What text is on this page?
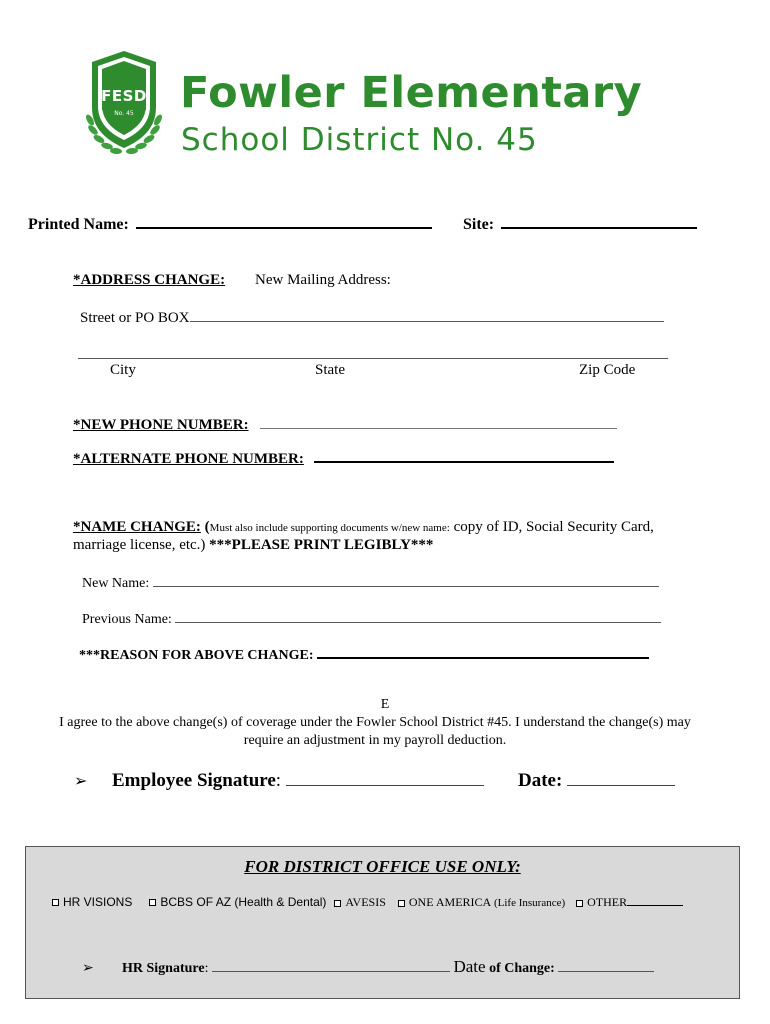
FESD
No. 45	Fowler Elementary
School District No. 45
Printed Name:	Site:
*ADDRESS CHANGE: New Mailing Address:
Street or PO BOX
City	State	Zip Code
*NEW PHONE NUMBER:
*ALTERNATE PHONE NUMBER:
*NAME CHANGE: (Must also include supporting documents w/new name: copy of ID, Social Security Card,
marriage license, etc.) ***PLEASE PRINT LEGIBLY***
New Name:
Previous Name:
***REASON FOR ABOVE CHANGE:
E
I agree to the above change(s) of coverage under the Fowler School District #45. I understand the change(s) may
require an adjustment in my payroll deduction.
➢ Employee Signature:	Date:
FOR DISTRICT OFFICE USE ONLY:
HR VISIONS BCBS OF AZ (Health & Dental) AVESIS ONE AMERICA (Life Insurance) OTHER
➢ HR Signature:	Date of Change:
